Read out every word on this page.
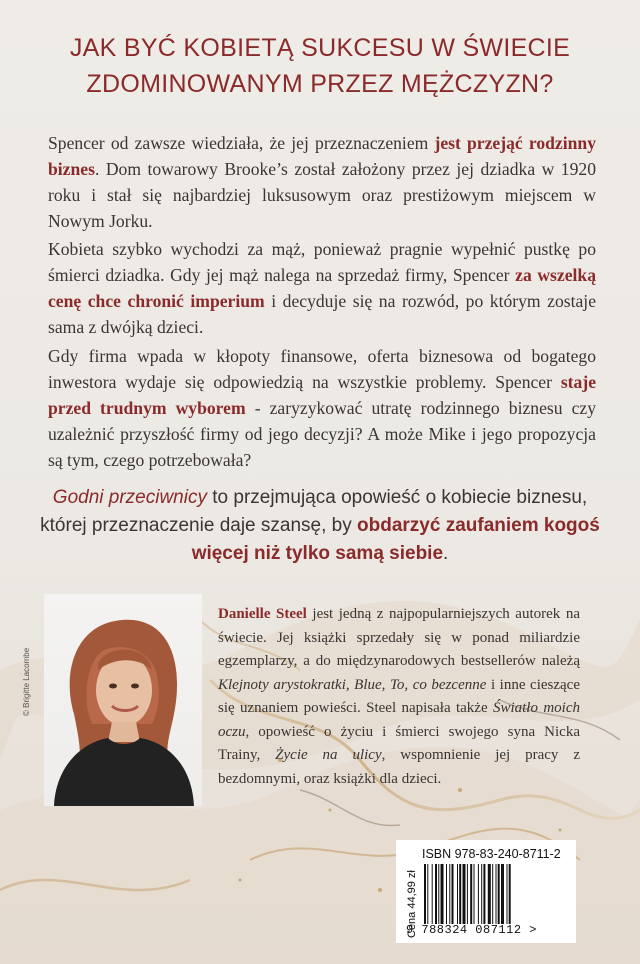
JAK BYĆ KOBIETĄ SUKCESU W ŚWIECIE ZDOMINOWANYM PRZEZ MĘŻCZYZN?
Spencer od zawsze wiedziała, że jej przeznaczeniem jest przejąć rodzinny biznes. Dom towarowy Brooke’s został założony przez jej dziadka w 1920 roku i stał się najbardziej luksusowym oraz prestiżowym miejscem w Nowym Jorku.
Kobieta szybko wychodzi za mąż, ponieważ pragnie wypełnić pustkę po śmierci dziadka. Gdy jej mąż nalega na sprzedaż firmy, Spencer za wszelką cenę chce chronić imperium i decyduje się na rozwód, po którym zostaje sama z dwójką dzieci.
Gdy firma wpada w kłopoty finansowe, oferta biznesowa od bogatego inwestora wydaje się odpowiedzią na wszystkie problemy. Spencer staje przed trudnym wyborem - zaryzykować utratę rodzinnego biznesu czy uzależnić przyszłość firmy od jego decyzji? A może Mike i jego propozycja są tym, czego potrzebowała?
Godni przeciwnicy to przejmująca opowieść o kobiecie biznesu, której przeznaczenie daje szansę, by obdarzyć zaufaniem kogoś więcej niż tylko samą siebie.
© Brigitte Lacombe
Danielle Steel jest jedną z najpopularniejszych autorek na świecie. Jej książki sprzedały się w ponad miliardzie egzemplarzy, a do międzynarodowych bestsellerów należą Klejnoty arystokratki, Blue, To, co bezcenne i inne cieszące się uznaniem powieści. Steel napisała także Światło moich oczu, opowieść o życiu i śmierci swojego syna Nicka Trainy, Życie na ulicy, wspomnienie jej pracy z bezdomnymi, oraz książki dla dzieci.
ISBN 978-83-240-8711-2
Cena 44,99 zł
9 788324 087112 >
